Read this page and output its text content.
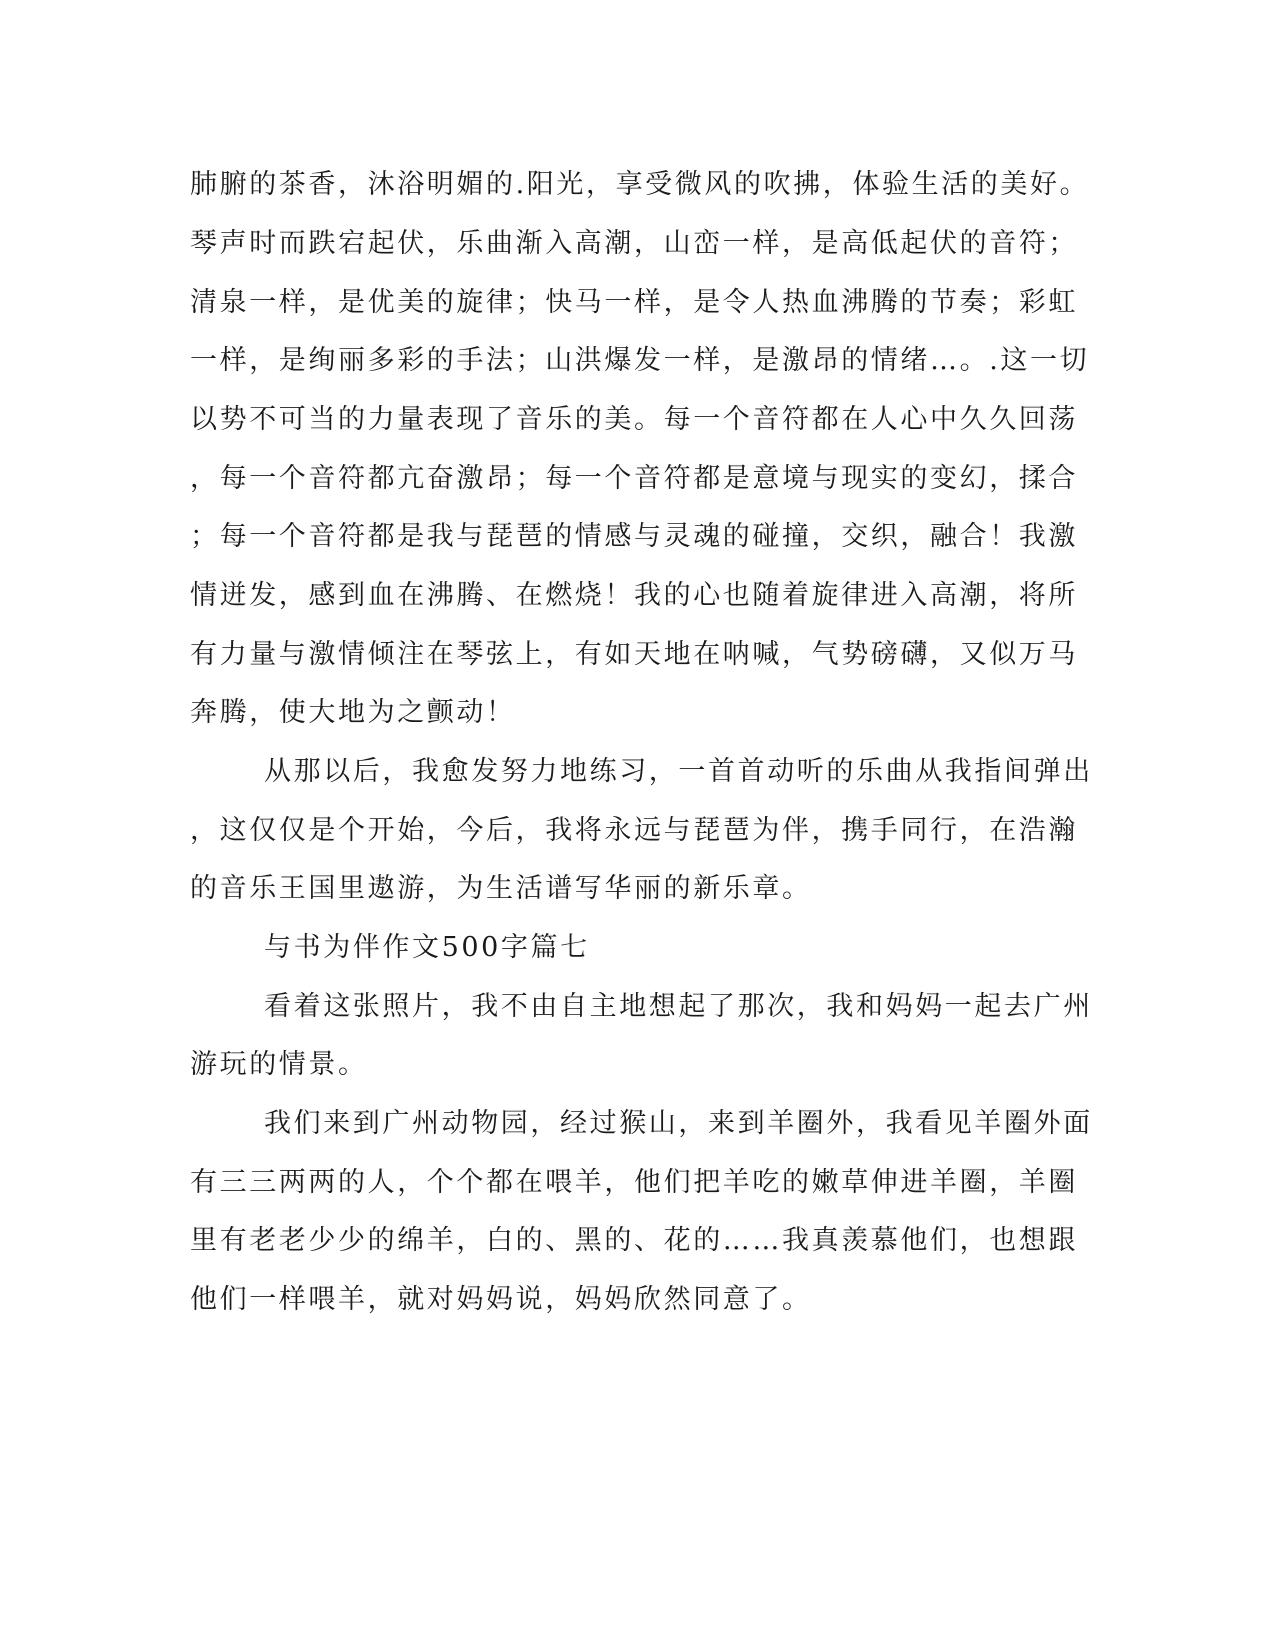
肺腑的茶香，沐浴明媚的.阳光，享受微风的吹拂，体验生活的美好。

琴声时而跌宕起伏，乐曲渐入高潮，山峦一样，是高低起伏的音符；

清泉一样，是优美的旋律；快马一样，是令人热血沸腾的节奏；彩虹

一样，是绚丽多彩的手法；山洪爆发一样，是激昂的情绪…。.这一切

以势不可当的力量表现了音乐的美。每一个音符都在人心中久久回荡

，每一个音符都亢奋激昂；每一个音符都是意境与现实的变幻，揉合

；每一个音符都是我与琵琶的情感与灵魂的碰撞，交织，融合！我激

情迸发，感到血在沸腾、在燃烧！我的心也随着旋律进入高潮，将所

有力量与激情倾注在琴弦上，有如天地在呐喊，气势磅礴，又似万马

奔腾，使大地为之颤动！

从那以后，我愈发努力地练习，一首首动听的乐曲从我指间弹出

，这仅仅是个开始，今后，我将永远与琵琶为伴，携手同行，在浩瀚

的音乐王国里遨游，为生活谱写华丽的新乐章。

与书为伴作文500字篇七

看着这张照片，我不由自主地想起了那次，我和妈妈一起去广州

游玩的情景。

我们来到广州动物园，经过猴山，来到羊圈外，我看见羊圈外面

有三三两两的人，个个都在喂羊，他们把羊吃的嫩草伸进羊圈，羊圈

里有老老少少的绵羊，白的、黑的、花的……我真羡慕他们，也想跟

他们一样喂羊，就对妈妈说，妈妈欣然同意了。
